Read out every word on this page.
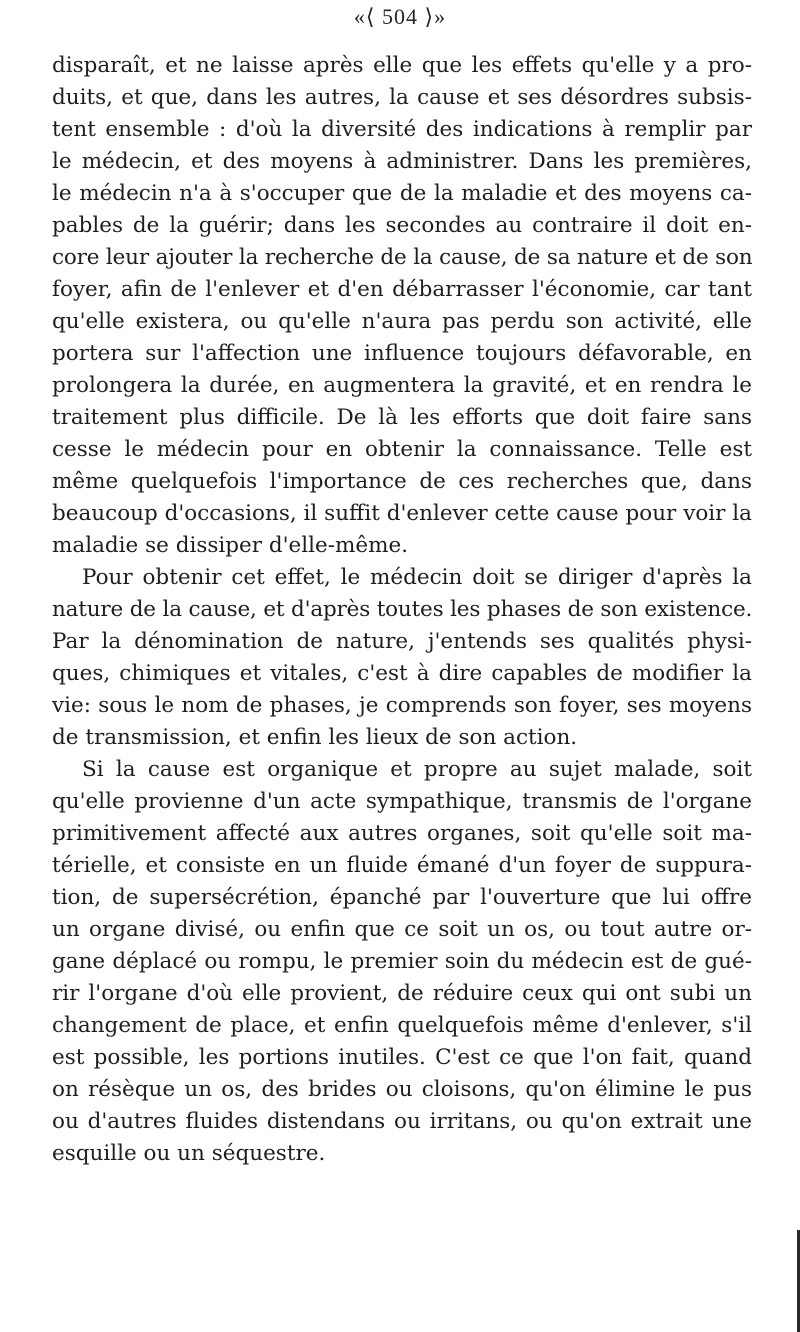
«⟨ 504 ⟩»
disparaît, et ne laisse après elle que les effets qu'elle y a pro-
duits, et que, dans les autres, la cause et ses désordres subsis-
tent ensemble : d'où la diversité des indications à remplir par
le médecin, et des moyens à administrer. Dans les premières,
le médecin n'a à s'occuper que de la maladie et des moyens ca-
pables de la guérir; dans les secondes au contraire il doit en-
core leur ajouter la recherche de la cause, de sa nature et de son
foyer, afin de l'enlever et d'en débarrasser l'économie, car tant
qu'elle existera, ou qu'elle n'aura pas perdu son activité, elle
portera sur l'affection une influence toujours défavorable, en
prolongera la durée, en augmentera la gravité, et en rendra le
traitement plus difficile. De là les efforts que doit faire sans
cesse le médecin pour en obtenir la connaissance. Telle est
même quelquefois l'importance de ces recherches que, dans
beaucoup d'occasions, il suffit d'enlever cette cause pour voir la
maladie se dissiper d'elle-même.
Pour obtenir cet effet, le médecin doit se diriger d'après la
nature de la cause, et d'après toutes les phases de son existence.
Par la dénomination de nature, j'entends ses qualités physi-
ques, chimiques et vitales, c'est à dire capables de modifier la
vie: sous le nom de phases, je comprends son foyer, ses moyens
de transmission, et enfin les lieux de son action.
Si la cause est organique et propre au sujet malade, soit
qu'elle provienne d'un acte sympathique, transmis de l'organe
primitivement affecté aux autres organes, soit qu'elle soit ma-
térielle, et consiste en un fluide émané d'un foyer de suppura-
tion, de supersécrétion, épanché par l'ouverture que lui offre
un organe divisé, ou enfin que ce soit un os, ou tout autre or-
gane déplacé ou rompu, le premier soin du médecin est de gué-
rir l'organe d'où elle provient, de réduire ceux qui ont subi un
changement de place, et enfin quelquefois même d'enlever, s'il
est possible, les portions inutiles. C'est ce que l'on fait, quand
on résèque un os, des brides ou cloisons, qu'on élimine le pus
ou d'autres fluides distendans ou irritans, ou qu'on extrait une
esquille ou un séquestre.
